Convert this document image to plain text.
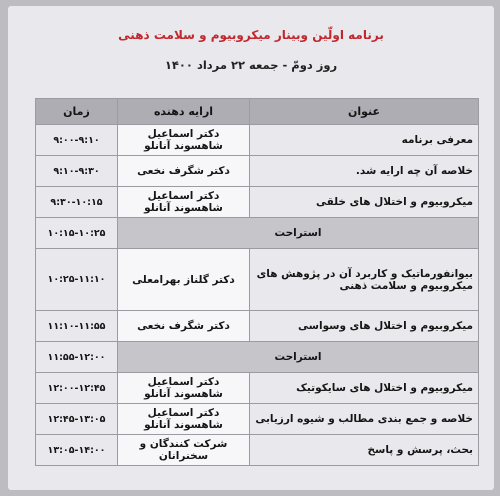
برنامه اولّین وبینار میکروبیوم و سلامت ذهنی
روز دومّ - جمعه ۲۲ مرداد ۱۴۰۰
عنوان	ارایه دهنده	زمان
معرفی برنامه	دکتر اسماعیل شاهسوند آنانلو	۹:۰۰-۹:۱۰
خلاصه آن چه ارایه شد.	دکتر شگرف نخعی	۹:۱۰-۹:۳۰
میکروبیوم و اختلال های خلقی	دکتر اسماعیل شاهسوند آنانلو	۹:۳۰-۱۰:۱۵
استراحت		۱۰:۱۵-۱۰:۲۵
بیوانفورماتیک و کاربرد آن در پژوهش های میکروبیوم و سلامت ذهنی	دکتر گلناز بهرامعلی	۱۰:۲۵-۱۱:۱۰
میکروبیوم و اختلال های وسواسی	دکتر شگرف نخعی	۱۱:۱۰-۱۱:۵۵
استراحت		۱۱:۵۵-۱۲:۰۰
میکروبیوم و اختلال های سایکوتیک	دکتر اسماعیل شاهسوند آنانلو	۱۲:۰۰-۱۲:۴۵
خلاصه و جمع بندی مطالب و شیوه ارزیابی	دکتر اسماعیل شاهسوند آنانلو	۱۲:۴۵-۱۳:۰۵
بحث، پرسش و پاسخ	شرکت کنندگان و سخنرانان	۱۳:۰۵-۱۴:۰۰
